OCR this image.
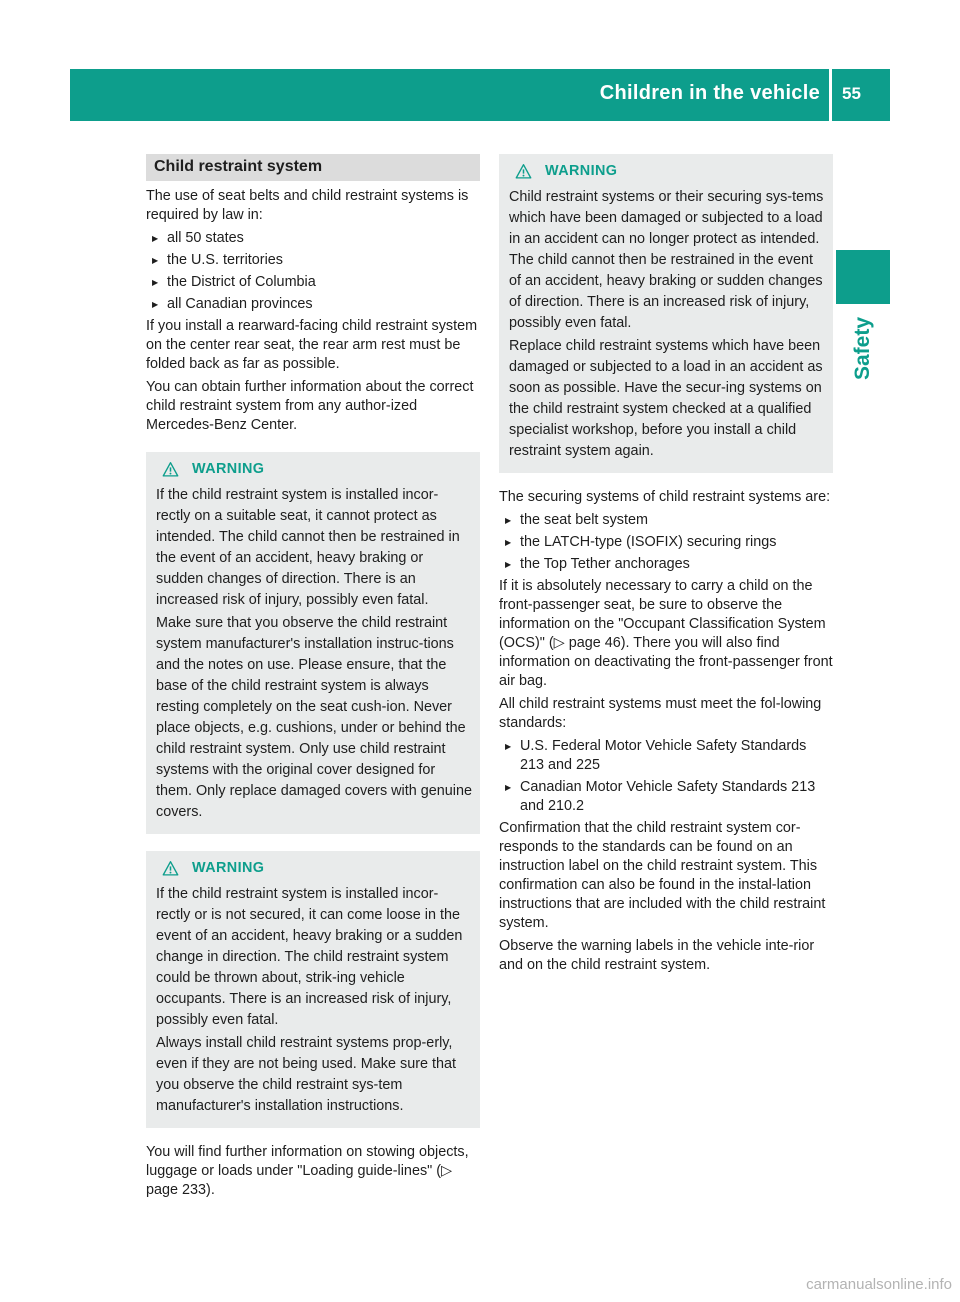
Children in the vehicle 55
Safety
Child restraint system

The use of seat belts and child restraint systems is required by law in:

▶ all 50 states
▶ the U.S. territories
▶ the District of Columbia
▶ all Canadian provinces

If you install a rearward-facing child restraint system on the center rear seat, the rear arm rest must be folded back as far as possible.

You can obtain further information about the correct child restraint system from any author-ized Mercedes-Benz Center.

WARNING

If the child restraint system is installed incor-rectly on a suitable seat, it cannot protect as intended. The child cannot then be restrained in the event of an accident, heavy braking or sudden changes of direction. There is an increased risk of injury, possibly even fatal.

Make sure that you observe the child restraint system manufacturer's installation instruc-tions and the notes on use. Please ensure, that the base of the child restraint system is always resting completely on the seat cush-ion. Never place objects, e.g. cushions, under or behind the child restraint system. Only use child restraint systems with the original cover designed for them. Only replace damaged covers with genuine covers.

WARNING

If the child restraint system is installed incor-rectly or is not secured, it can come loose in the event of an accident, heavy braking or a sudden change in direction. The child restraint system could be thrown about, strik-ing vehicle occupants. There is an increased risk of injury, possibly even fatal.

Always install child restraint systems prop-erly, even if they are not being used. Make sure that you observe the child restraint sys-tem manufacturer's installation instructions.

You will find further information on stowing objects, luggage or loads under "Loading guide-lines" (▷ page 233).

WARNING

Child restraint systems or their securing sys-tems which have been damaged or subjected to a load in an accident can no longer protect as intended. The child cannot then be restrained in the event of an accident, heavy braking or sudden changes of direction. There is an increased risk of injury, possibly even fatal.

Replace child restraint systems which have been damaged or subjected to a load in an accident as soon as possible. Have the secur-ing systems on the child restraint system checked at a qualified specialist workshop, before you install a child restraint system again.

The securing systems of child restraint systems are:

▶ the seat belt system
▶ the LATCH-type (ISOFIX) securing rings
▶ the Top Tether anchorages

If it is absolutely necessary to carry a child on the front-passenger seat, be sure to observe the information on the "Occupant Classification System (OCS)" (▷ page 46). There you will also find information on deactivating the front-passenger front air bag.

All child restraint systems must meet the fol-lowing standards:

▶ U.S. Federal Motor Vehicle Safety Standards 213 and 225
▶ Canadian Motor Vehicle Safety Standards 213 and 210.2

Confirmation that the child restraint system cor-responds to the standards can be found on an instruction label on the child restraint system. This confirmation can also be found in the instal-lation instructions that are included with the child restraint system.

Observe the warning labels in the vehicle inte-rior and on the child restraint system.

carmanualsonline.info
